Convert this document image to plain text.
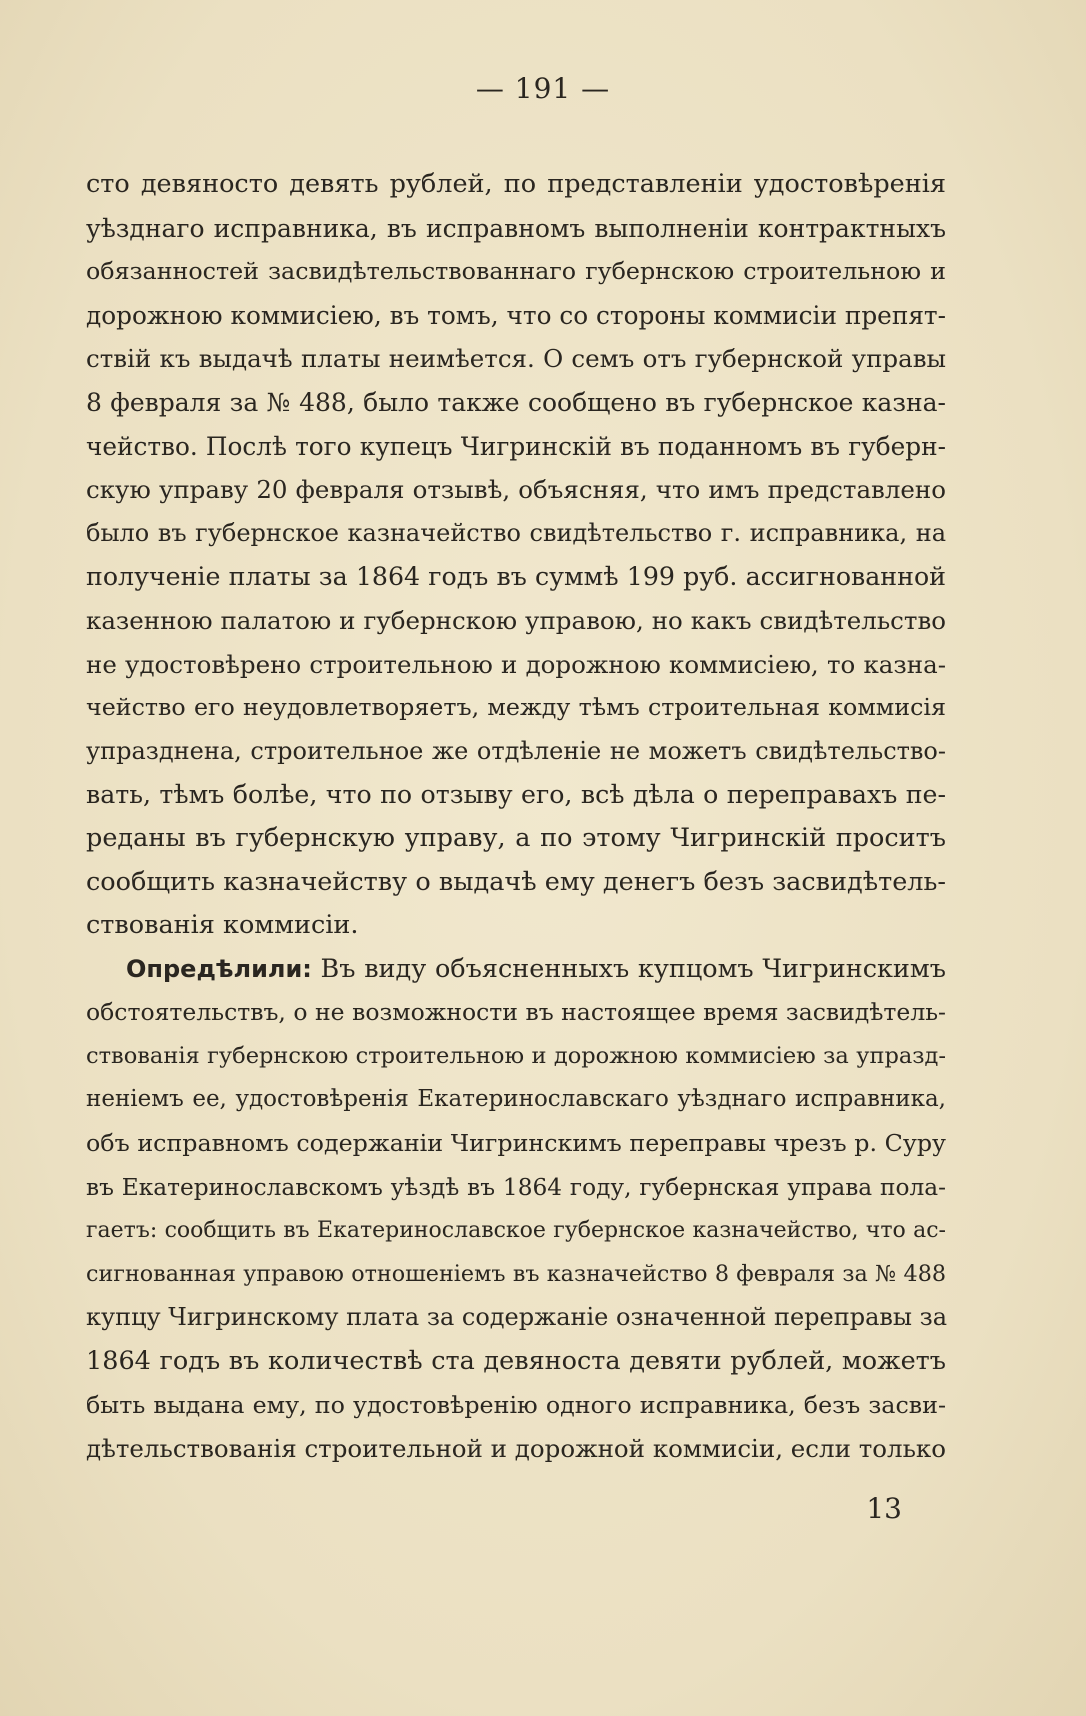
— 191 —
сто девяносто девять рублей, по представленiи удостовѣренiя
уѣзднаго исправника, въ исправномъ выполненiи контрактныхъ
обязанностей засвидѣтельствованнаго губернскою строительною и
дорожною коммисiею, въ томъ, что со стороны коммисiи препят-
ствiй къ выдачѣ платы неимѣется. О семъ отъ губернской управы
8 февраля за № 488, было также сообщено въ губернское казна-
чейство. Послѣ того купецъ Чигринскiй въ поданномъ въ губерн-
скую управу 20 февраля отзывѣ, объясняя, что имъ представлено
было въ губернское казначейство свидѣтельство г. исправника, на
полученiе платы за 1864 годъ въ суммѣ 199 руб. ассигнованной
казенною палатою и губернскою управою, но какъ свидѣтельство
не удостовѣрено строительною и дорожною коммисiею, то казна-
чейство его неудовлетворяетъ, между тѣмъ строительная коммисiя
упразднена, строительное же отдѣленiе не можетъ свидѣтельство-
вать, тѣмъ болѣе, что по отзыву его, всѣ дѣла о переправахъ пе-
реданы въ губернскую управу, а по этому Чигринскiй проситъ
сообщить казначейству о выдачѣ ему денегъ безъ засвидѣтель-
ствованiя коммисiи.
Опредѣлили: Въ виду объясненныхъ купцомъ Чигринскимъ
обстоятельствъ, о не возможности въ настоящее время засвидѣтель-
ствованiя губернскою строительною и дорожною коммисiею за упразд-
ненiемъ ее, удостовѣренiя Екатеринославскаго уѣзднаго исправника,
объ исправномъ содержанiи Чигринскимъ переправы чрезъ р. Суру
въ Екатеринославскомъ уѣздѣ въ 1864 году, губернская управа пола-
гаетъ: сообщить въ Екатеринославское губернское казначейство, что ас-
сигнованная управою отношенiемъ въ казначейство 8 февраля за № 488
купцу Чигринскому плата за содержанiе означенной переправы за
1864 годъ въ количествѣ ста девяноста девяти рублей, можетъ
быть выдана ему, по удостовѣренiю одного исправника, безъ засви-
дѣтельствованiя строительной и дорожной коммисiи, если только
13
